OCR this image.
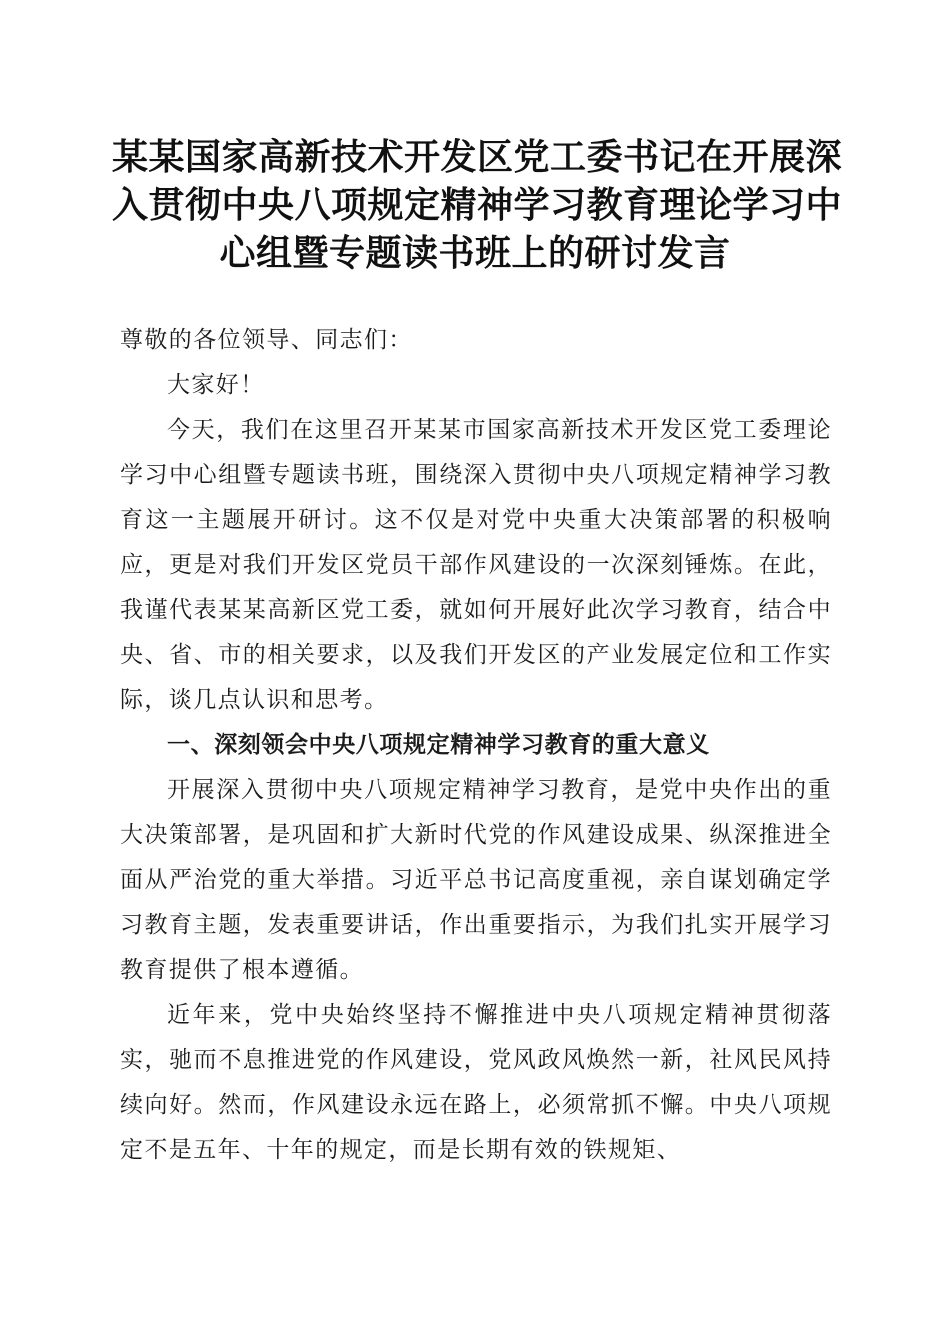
某某国家高新技术开发区党工委书记在开展深
入贯彻中央八项规定精神学习教育理论学习中
心组暨专题读书班上的研讨发言

尊敬的各位领导、同志们：

大家好！

今天，我们在这里召开某某市国家高新技术开发区党工委理论学习中心组暨专题读书班，围绕深入贯彻中央八项规定精神学习教育这一主题展开研讨。这不仅是对党中央重大决策部署的积极响应，更是对我们开发区党员干部作风建设的一次深刻锤炼。在此，我谨代表某某高新区党工委，就如何开展好此次学习教育，结合中央、省、市的相关要求，以及我们开发区的产业发展定位和工作实际，谈几点认识和思考。

一、深刻领会中央八项规定精神学习教育的重大意义

开展深入贯彻中央八项规定精神学习教育，是党中央作出的重大决策部署，是巩固和扩大新时代党的作风建设成果、纵深推进全面从严治党的重大举措。习近平总书记高度重视，亲自谋划确定学习教育主题，发表重要讲话，作出重要指示，为我们扎实开展学习教育提供了根本遵循。

近年来，党中央始终坚持不懈推进中央八项规定精神贯彻落实，驰而不息推进党的作风建设，党风政风焕然一新，社风民风持续向好。然而，作风建设永远在路上，必须常抓不懈。中央八项规定不是五年、十年的规定，而是长期有效的铁规矩、
